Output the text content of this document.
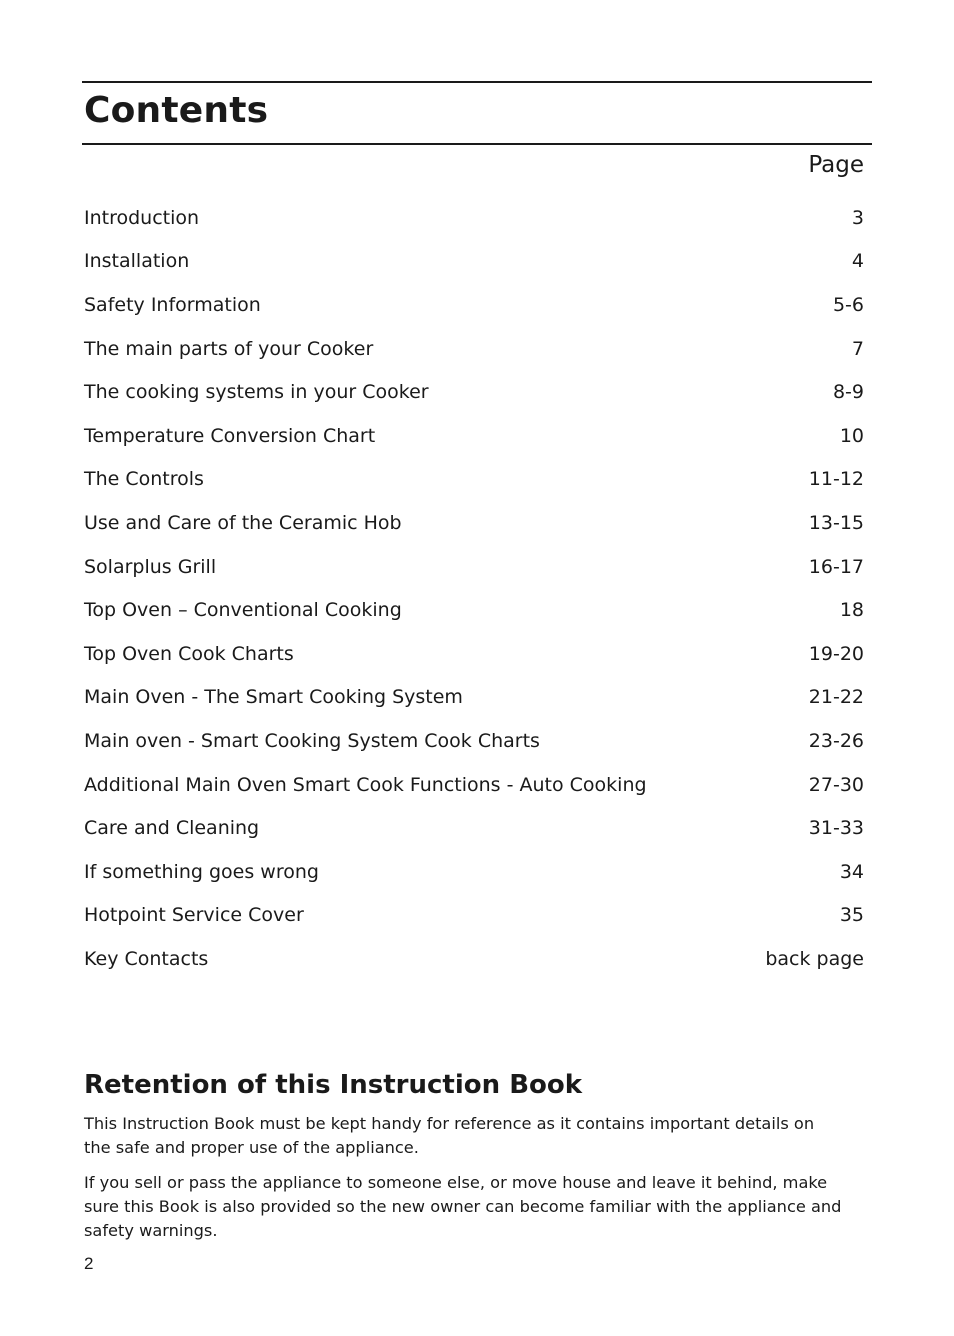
Contents
Page
Introduction	3
Installation	4
Safety Information	5-6
The main parts of your Cooker	7
The cooking systems in your Cooker	8-9
Temperature Conversion Chart	10
The Controls	11-12
Use and Care of the Ceramic Hob	13-15
Solarplus Grill	16-17
Top Oven – Conventional Cooking	18
Top Oven Cook Charts	19-20
Main Oven - The Smart Cooking System	21-22
Main oven - Smart Cooking System Cook Charts	23-26
Additional Main Oven Smart Cook Functions - Auto Cooking	27-30
Care and Cleaning	31-33
If something goes wrong	34
Hotpoint Service Cover	35
Key Contacts	back page
Retention of this Instruction Book

This Instruction Book must be kept handy for reference as it contains important details on the safe and proper use of the appliance.

If you sell or pass the appliance to someone else, or move house and leave it behind, make sure this Book is also provided so the new owner can become familiar with the appliance and safety warnings.

2
